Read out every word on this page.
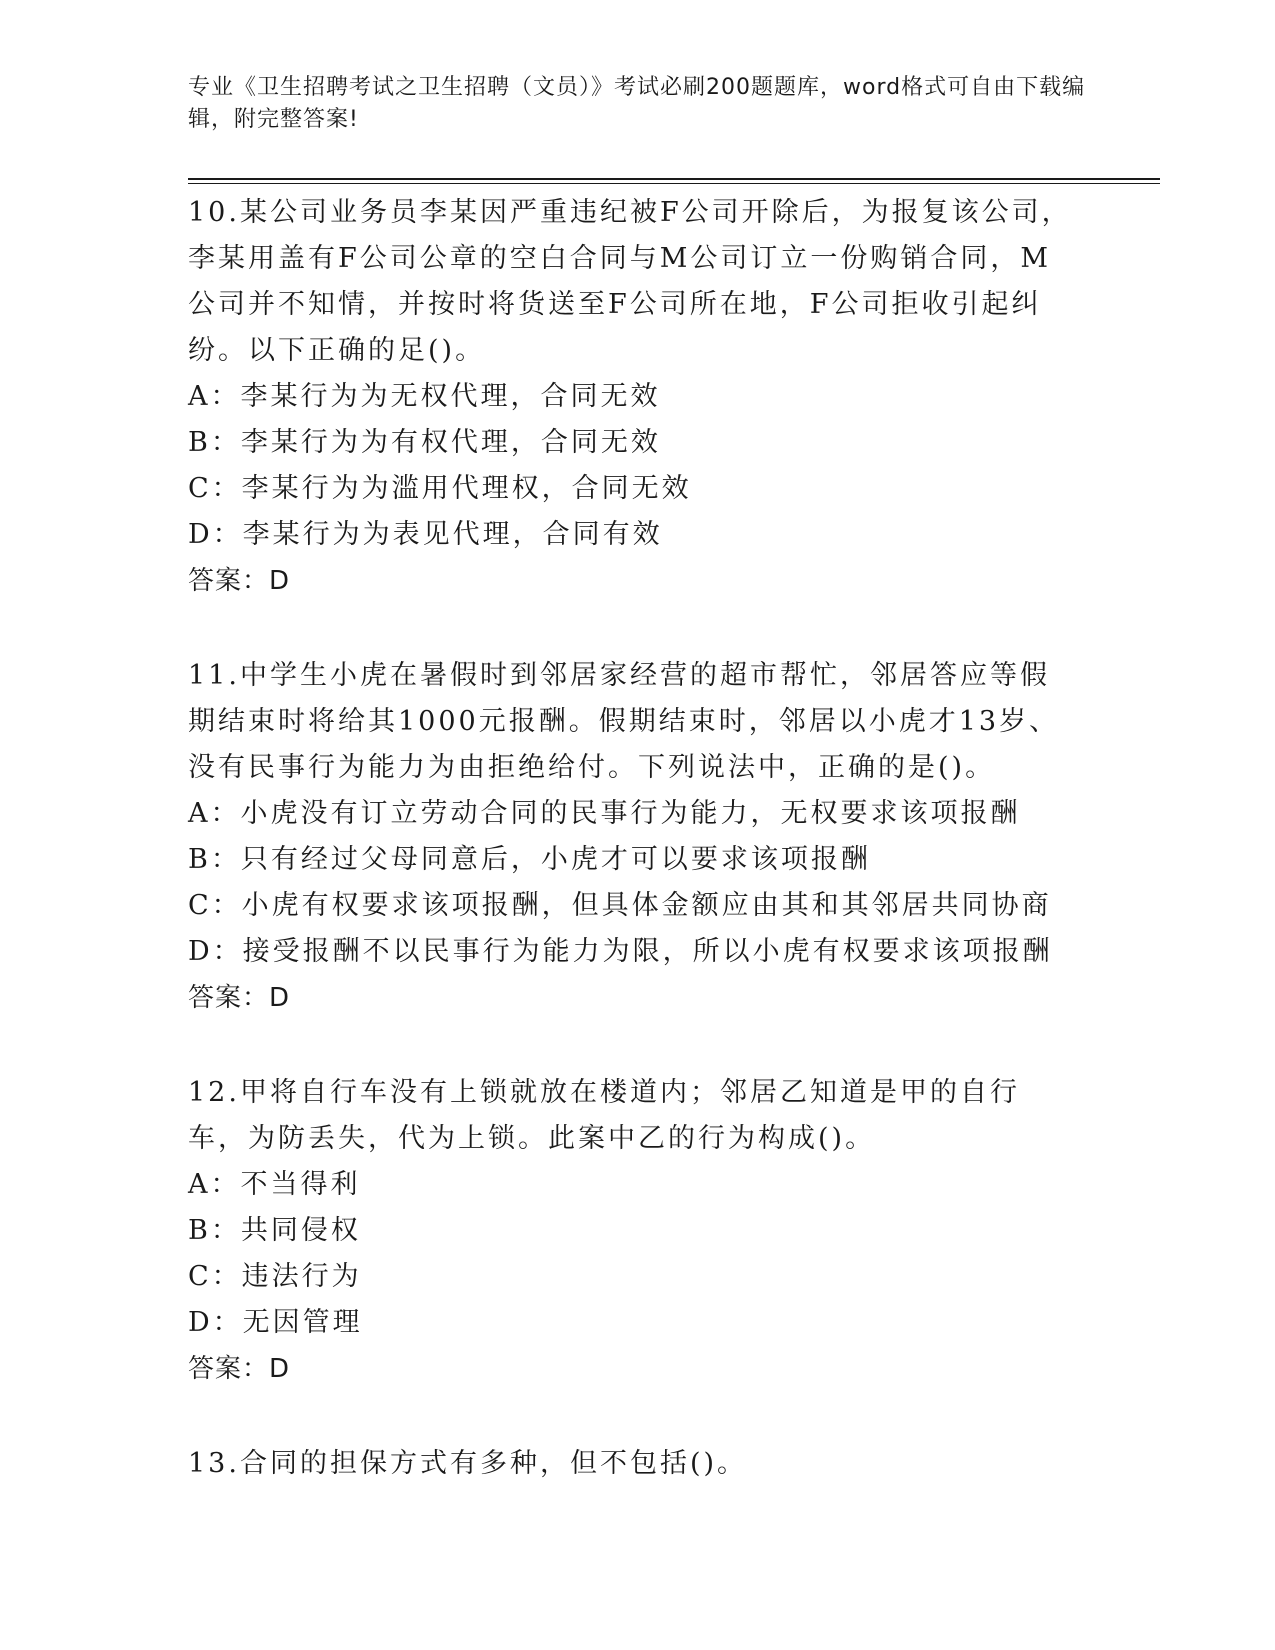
专业《卫生招聘考试之卫生招聘（文员）》考试必刷200题题库，word格式可自由下载编辑，附完整答案!
10.某公司业务员李某因严重违纪被F公司开除后，为报复该公司，李某用盖有F公司公章的空白合同与M公司订立一份购销合同，M公司并不知情，并按时将货送至F公司所在地，F公司拒收引起纠纷。以下正确的足()。
A：李某行为为无权代理，合同无效
B：李某行为为有权代理，合同无效
C：李某行为为滥用代理权，合同无效
D：李某行为为表见代理，合同有效
答案：D
11.中学生小虎在暑假时到邻居家经营的超市帮忙，邻居答应等假期结束时将给其1000元报酬。假期结束时，邻居以小虎才13岁、没有民事行为能力为由拒绝给付。下列说法中，正确的是()。
A：小虎没有订立劳动合同的民事行为能力，无权要求该项报酬
B：只有经过父母同意后，小虎才可以要求该项报酬
C：小虎有权要求该项报酬，但具体金额应由其和其邻居共同协商
D：接受报酬不以民事行为能力为限，所以小虎有权要求该项报酬
答案：D
12.甲将自行车没有上锁就放在楼道内；邻居乙知道是甲的自行车，为防丢失，代为上锁。此案中乙的行为构成()。
A：不当得利
B：共同侵权
C：违法行为
D：无因管理
答案：D
13.合同的担保方式有多种，但不包括()。
